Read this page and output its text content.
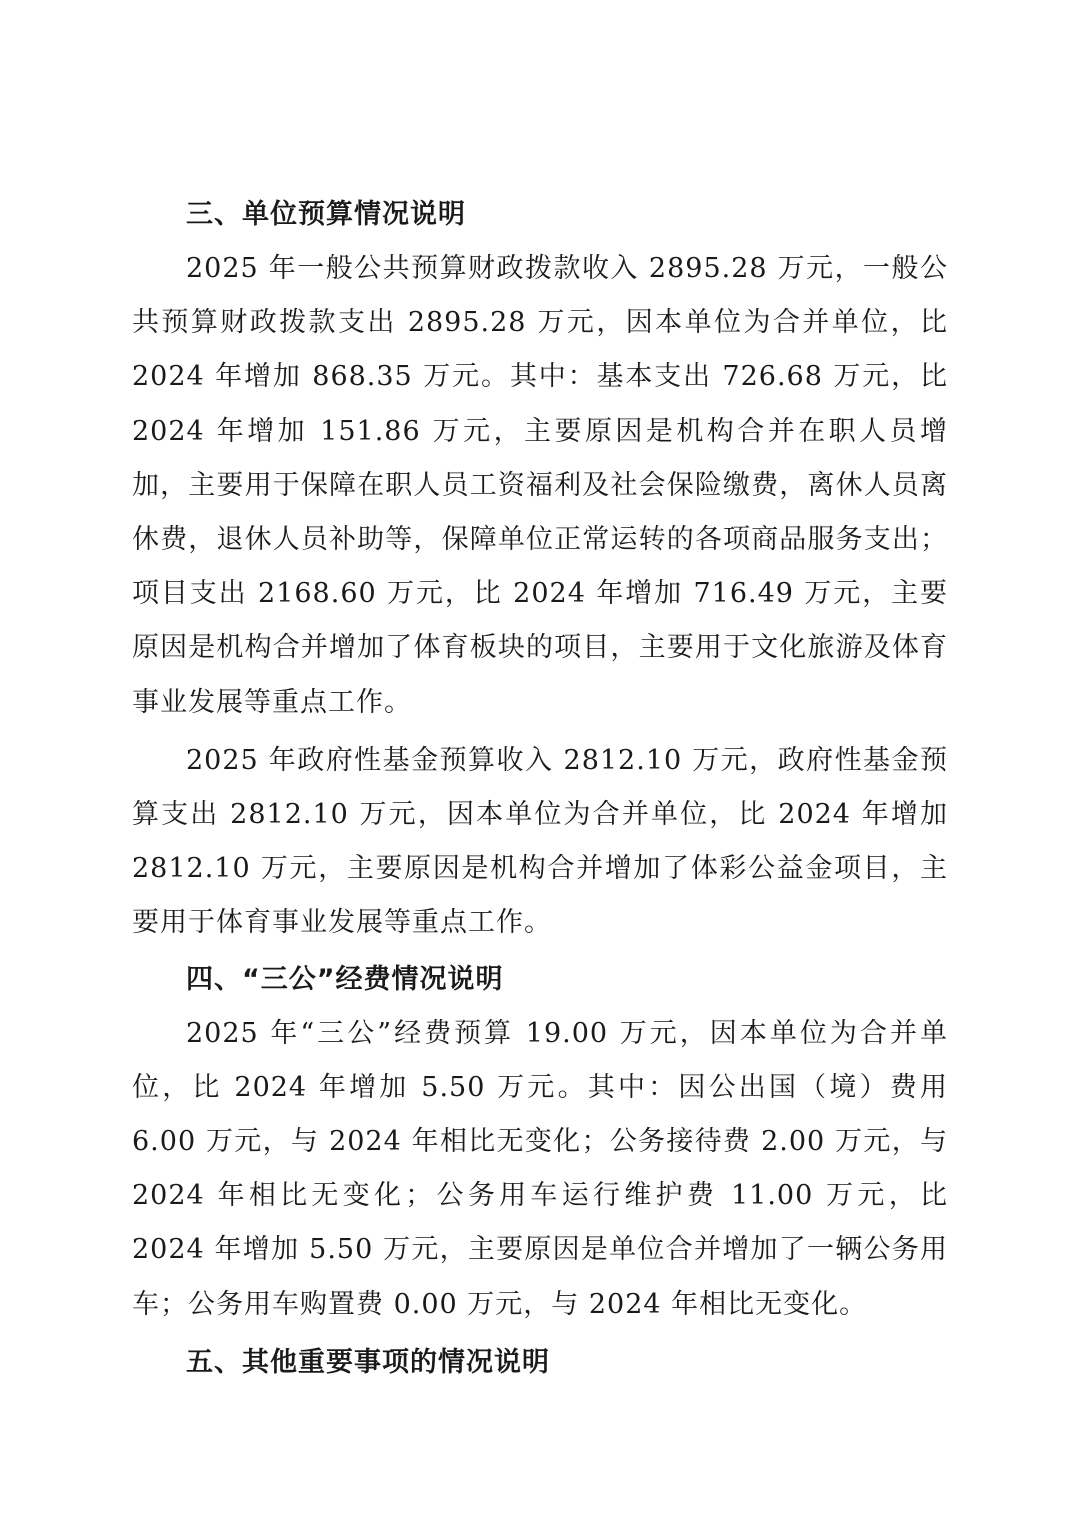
三、单位预算情况说明

2025 年一般公共预算财政拨款收入 2895.28 万元，一般公共预算财政拨款支出 2895.28 万元，因本单位为合并单位，比 2024 年增加 868.35 万元。其中：基本支出 726.68 万元，比 2024 年增加 151.86 万元，主要原因是机构合并在职人员增加，主要用于保障在职人员工资福利及社会保险缴费，离休人员离休费，退休人员补助等，保障单位正常运转的各项商品服务支出；项目支出 2168.60 万元，比 2024 年增加 716.49 万元，主要原因是机构合并增加了体育板块的项目，主要用于文化旅游及体育事业发展等重点工作。

2025 年政府性基金预算收入 2812.10 万元，政府性基金预算支出 2812.10 万元，因本单位为合并单位，比 2024 年增加 2812.10 万元，主要原因是机构合并增加了体彩公益金项目，主要用于体育事业发展等重点工作。

四、“三公”经费情况说明

2025 年“三公”经费预算 19.00 万元，因本单位为合并单位，比 2024 年增加 5.50 万元。其中：因公出国（境）费用 6.00 万元，与 2024 年相比无变化；公务接待费 2.00 万元，与 2024 年相比无变化；公务用车运行维护费 11.00 万元，比 2024 年增加 5.50 万元，主要原因是单位合并增加了一辆公务用车；公务用车购置费 0.00 万元，与 2024 年相比无变化。

五、其他重要事项的情况说明
